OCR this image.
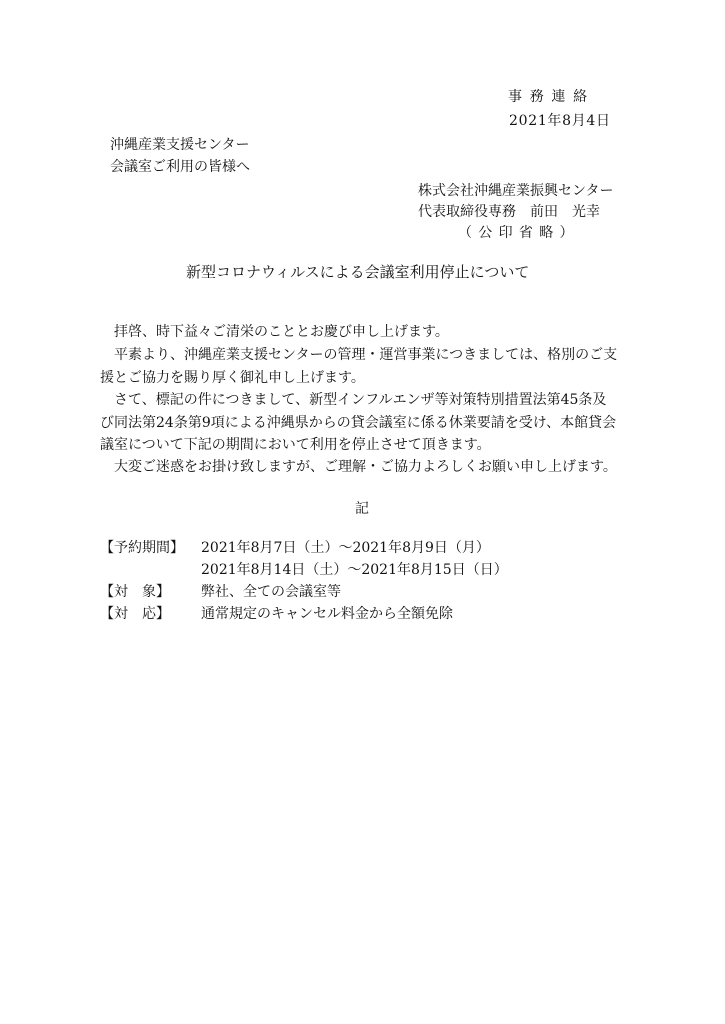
事務連絡
2021年8月4日
沖縄産業支援センター
会議室ご利用の皆様へ
株式会社沖縄産業振興センター
代表取締役専務　前田　光幸
（公印省略）
新型コロナウィルスによる会議室利用停止について
　拝啓、時下益々ご清栄のこととお慶び申し上げます。
　平素より、沖縄産業支援センターの管理・運営事業につきましては、格別のご支援とご協力を賜り厚く御礼申し上げます。
　さて、標記の件につきまして、新型インフルエンザ等対策特別措置法第45条及び同法第24条第9項による沖縄県からの貸会議室に係る休業要請を受け、本館貸会議室について下記の期間において利用を停止させて頂きます。
　大変ご迷惑をお掛け致しますが、ご理解・ご協力よろしくお願い申し上げます。
記
【予約期間】 2021年8月7日（土）～2021年8月9日（月）
2021年8月14日（土）～2021年8月15日（日）
【対　象】 弊社、全ての会議室等
【対　応】 通常規定のキャンセル料金から全額免除
